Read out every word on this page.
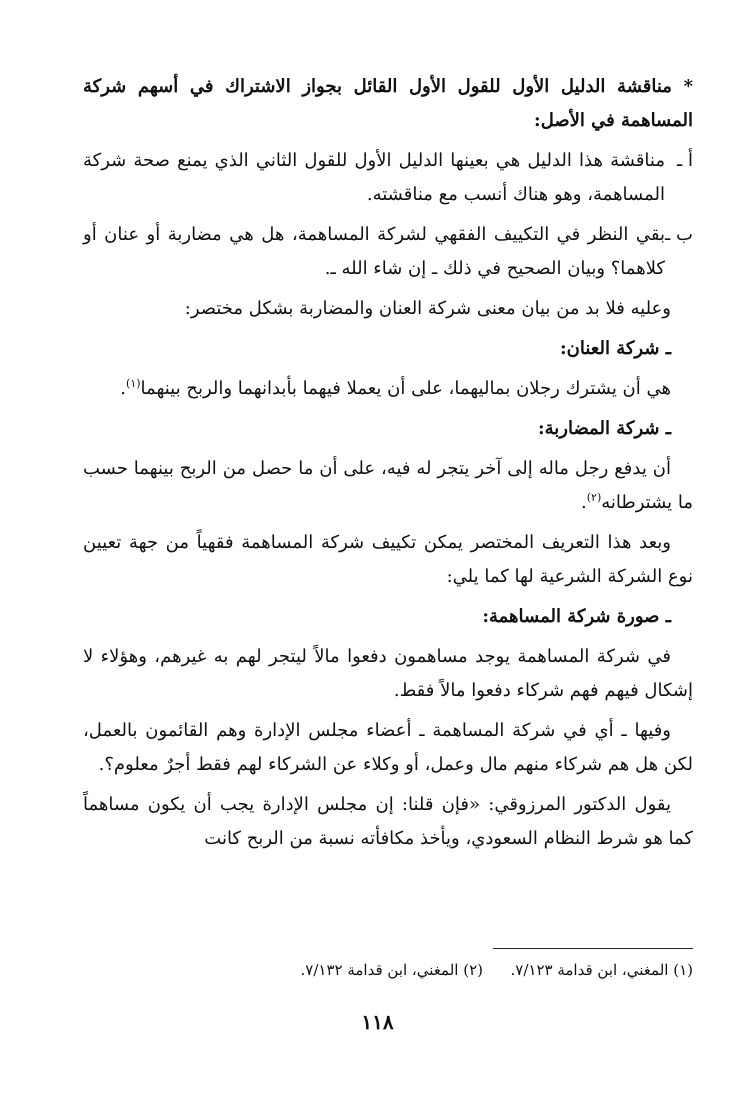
* مناقشة الدليل الأول للقول الأول القائل بجواز الاشتراك في أسهم شركة المساهمة في الأصل:

أ ـ
مناقشة هذا الدليل هي بعينها الدليل الأول للقول الثاني الذي يمنع صحة شركة المساهمة، وهو هناك أنسب مع مناقشته.
ب ـ
بقي النظر في التكييف الفقهي لشركة المساهمة، هل هي مضاربة أو عنان أو كلاهما؟ وبيان الصحيح في ذلك ـ إن شاء الله ـ.

وعليه فلا بد من بيان معنى شركة العنان والمضاربة بشكل مختصر:

ـ شركة العنان:

هي أن يشترك رجلان بماليهما، على أن يعملا فيهما بأبدانهما والربح بينهما$^{(١)}$.

ـ شركة المضاربة:

أن يدفع رجل ماله إلى آخر يتجر له فيه، على أن ما حصل من الربح بينهما حسب ما يشترطانه$^{(٢)}$.

وبعد هذا التعريف المختصر يمكن تكييف شركة المساهمة فقهياً من جهة تعيين نوع الشركة الشرعية لها كما يلي:

ـ صورة شركة المساهمة:

في شركة المساهمة يوجد مساهمون دفعوا مالاً ليتجر لهم به غيرهم، وهؤلاء لا إشكال فيهم فهم شركاء دفعوا مالاً فقط.

وفيها ـ أي في شركة المساهمة ـ أعضاء مجلس الإدارة وهم القائمون بالعمل، لكن هل هم شركاء منهم مال وعمل، أو وكلاء عن الشركاء لهم فقط أجرٌ معلوم؟.

يقول الدكتور المرزوقي: «فإن قلنا: إن مجلس الإدارة يجب أن يكون مساهماً كما هو شرط النظام السعودي، ويأخذ مكافأته نسبة من الربح كانت

(١) المغني، ابن قدامة ٧/١٢٣.
(٢) المغني، ابن قدامة ٧/١٣٢.
١١٨
